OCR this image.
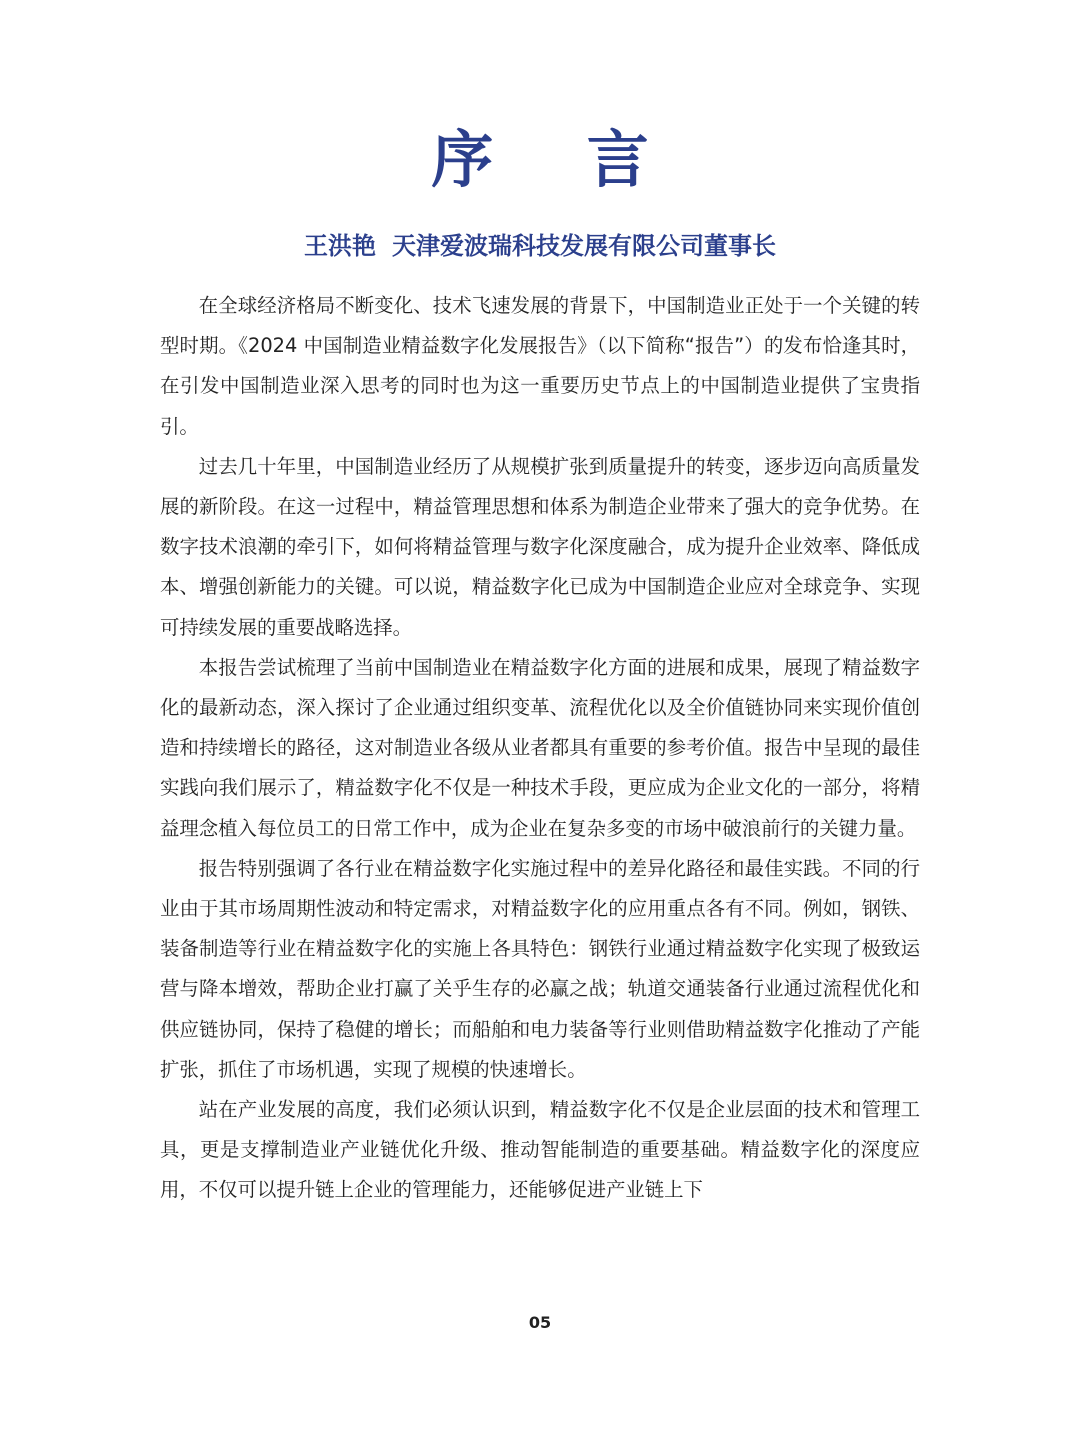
序 言
王洪艳 天津爱波瑞科技发展有限公司董事长

在全球经济格局不断变化、技术飞速发展的背景下，中国制造业正处于一个关键的转型时期。《2024 中国制造业精益数字化发展报告》（以下简称“报告”）的发布恰逢其时，在引发中国制造业深入思考的同时也为这一重要历史节点上的中国制造业提供了宝贵指引。

过去几十年里，中国制造业经历了从规模扩张到质量提升的转变，逐步迈向高质量发展的新阶段。在这一过程中，精益管理思想和体系为制造企业带来了强大的竞争优势。在数字技术浪潮的牵引下，如何将精益管理与数字化深度融合，成为提升企业效率、降低成本、增强创新能力的关键。可以说，精益数字化已成为中国制造企业应对全球竞争、实现可持续发展的重要战略选择。

本报告尝试梳理了当前中国制造业在精益数字化方面的进展和成果，展现了精益数字化的最新动态，深入探讨了企业通过组织变革、流程优化以及全价值链协同来实现价值创造和持续增长的路径，这对制造业各级从业者都具有重要的参考价值。报告中呈现的最佳实践向我们展示了，精益数字化不仅是一种技术手段，更应成为企业文化的一部分，将精益理念植入每位员工的日常工作中，成为企业在复杂多变的市场中破浪前行的关键力量。

报告特别强调了各行业在精益数字化实施过程中的差异化路径和最佳实践。不同的行业由于其市场周期性波动和特定需求，对精益数字化的应用重点各有不同。例如，钢铁、装备制造等行业在精益数字化的实施上各具特色：钢铁行业通过精益数字化实现了极致运营与降本增效，帮助企业打赢了关乎生存的必赢之战；轨道交通装备行业通过流程优化和供应链协同，保持了稳健的增长；而船舶和电力装备等行业则借助精益数字化推动了产能扩张，抓住了市场机遇，实现了规模的快速增长。

站在产业发展的高度，我们必须认识到，精益数字化不仅是企业层面的技术和管理工具，更是支撑制造业产业链优化升级、推动智能制造的重要基础。精益数字化的深度应用，不仅可以提升链上企业的管理能力，还能够促进产业链上下

05
